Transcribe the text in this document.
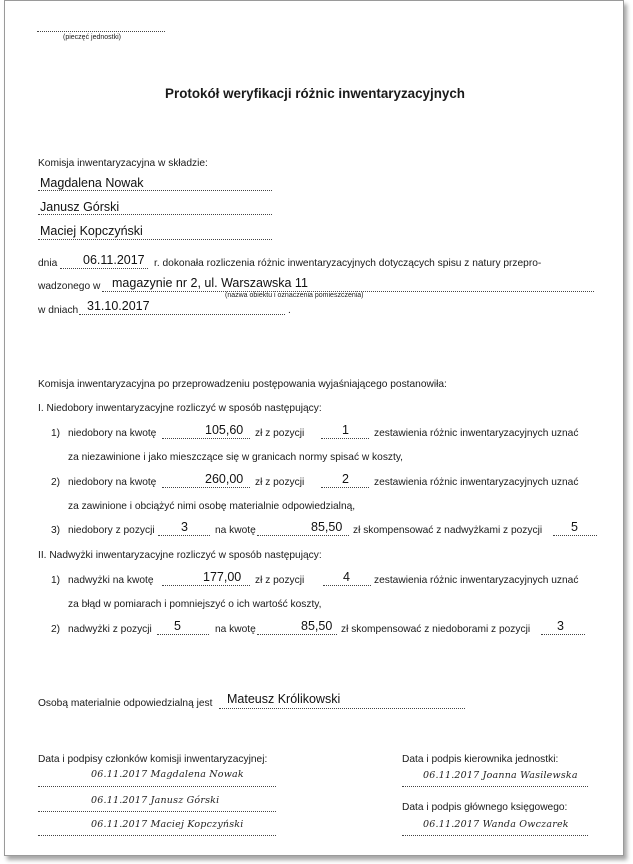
(pieczęć jednostki)
Protokół weryfikacji różnic inwentaryzacyjnych
Komisja inwentaryzacyjna w składzie:
Magdalena Nowak
Janusz Górski
Maciej Kopczyński
dnia 06.11.2017 r. dokonała rozliczenia różnic inwentaryzacyjnych dotyczących spisu z natury przepro-
wadzonego w magazynie nr 2, ul. Warszawska 11
(nazwa obiektu i oznaczenia pomieszczenia)
w dniach 31.10.2017	.
Komisja inwentaryzacyjna po przeprowadzeniu postępowania wyjaśniającego postanowiła:
I. Niedobory inwentaryzacyjne rozliczyć w sposób następujący:
1) niedobory na kwotę	105,60 zł z pozycji	1 zestawienia różnic inwentaryzacyjnych uznać
za niezawinione i jako mieszczące się w granicach normy spisać w koszty,
2) niedobory na kwotę	260,00 zł z pozycji	2 zestawienia różnic inwentaryzacyjnych uznać
za zawinione i obciążyć nimi osobę materialnie odpowiedzialną,
3) niedobory z pozycji 3	na kwotę	85,50 zł skompensować z nadwyżkami z pozycji 5
II. Nadwyżki inwentaryzacyjne rozliczyć w sposób następujący:
1) nadwyżki na kwotę	177,00 zł z pozycji	4 zestawienia różnic inwentaryzacyjnych uznać
za błąd w pomiarach i pomniejszyć o ich wartość koszty,
2) nadwyżki z pozycji 5	na kwotę	85,50 zł skompensować z niedoborami z pozycji 3
Osobą materialnie odpowiedzialną jest Mateusz Królikowski
Data i podpisy członków komisji inwentaryzacyjnej:
06.11.2017 Magdalena Nowak
06.11.2017 Janusz Górski
06.11.2017 Maciej Kopczyński
Data i podpis kierownika jednostki:
06.11.2017 Joanna Wasilewska
Data i podpis głównego księgowego:
06.11.2017 Wanda Owczarek
